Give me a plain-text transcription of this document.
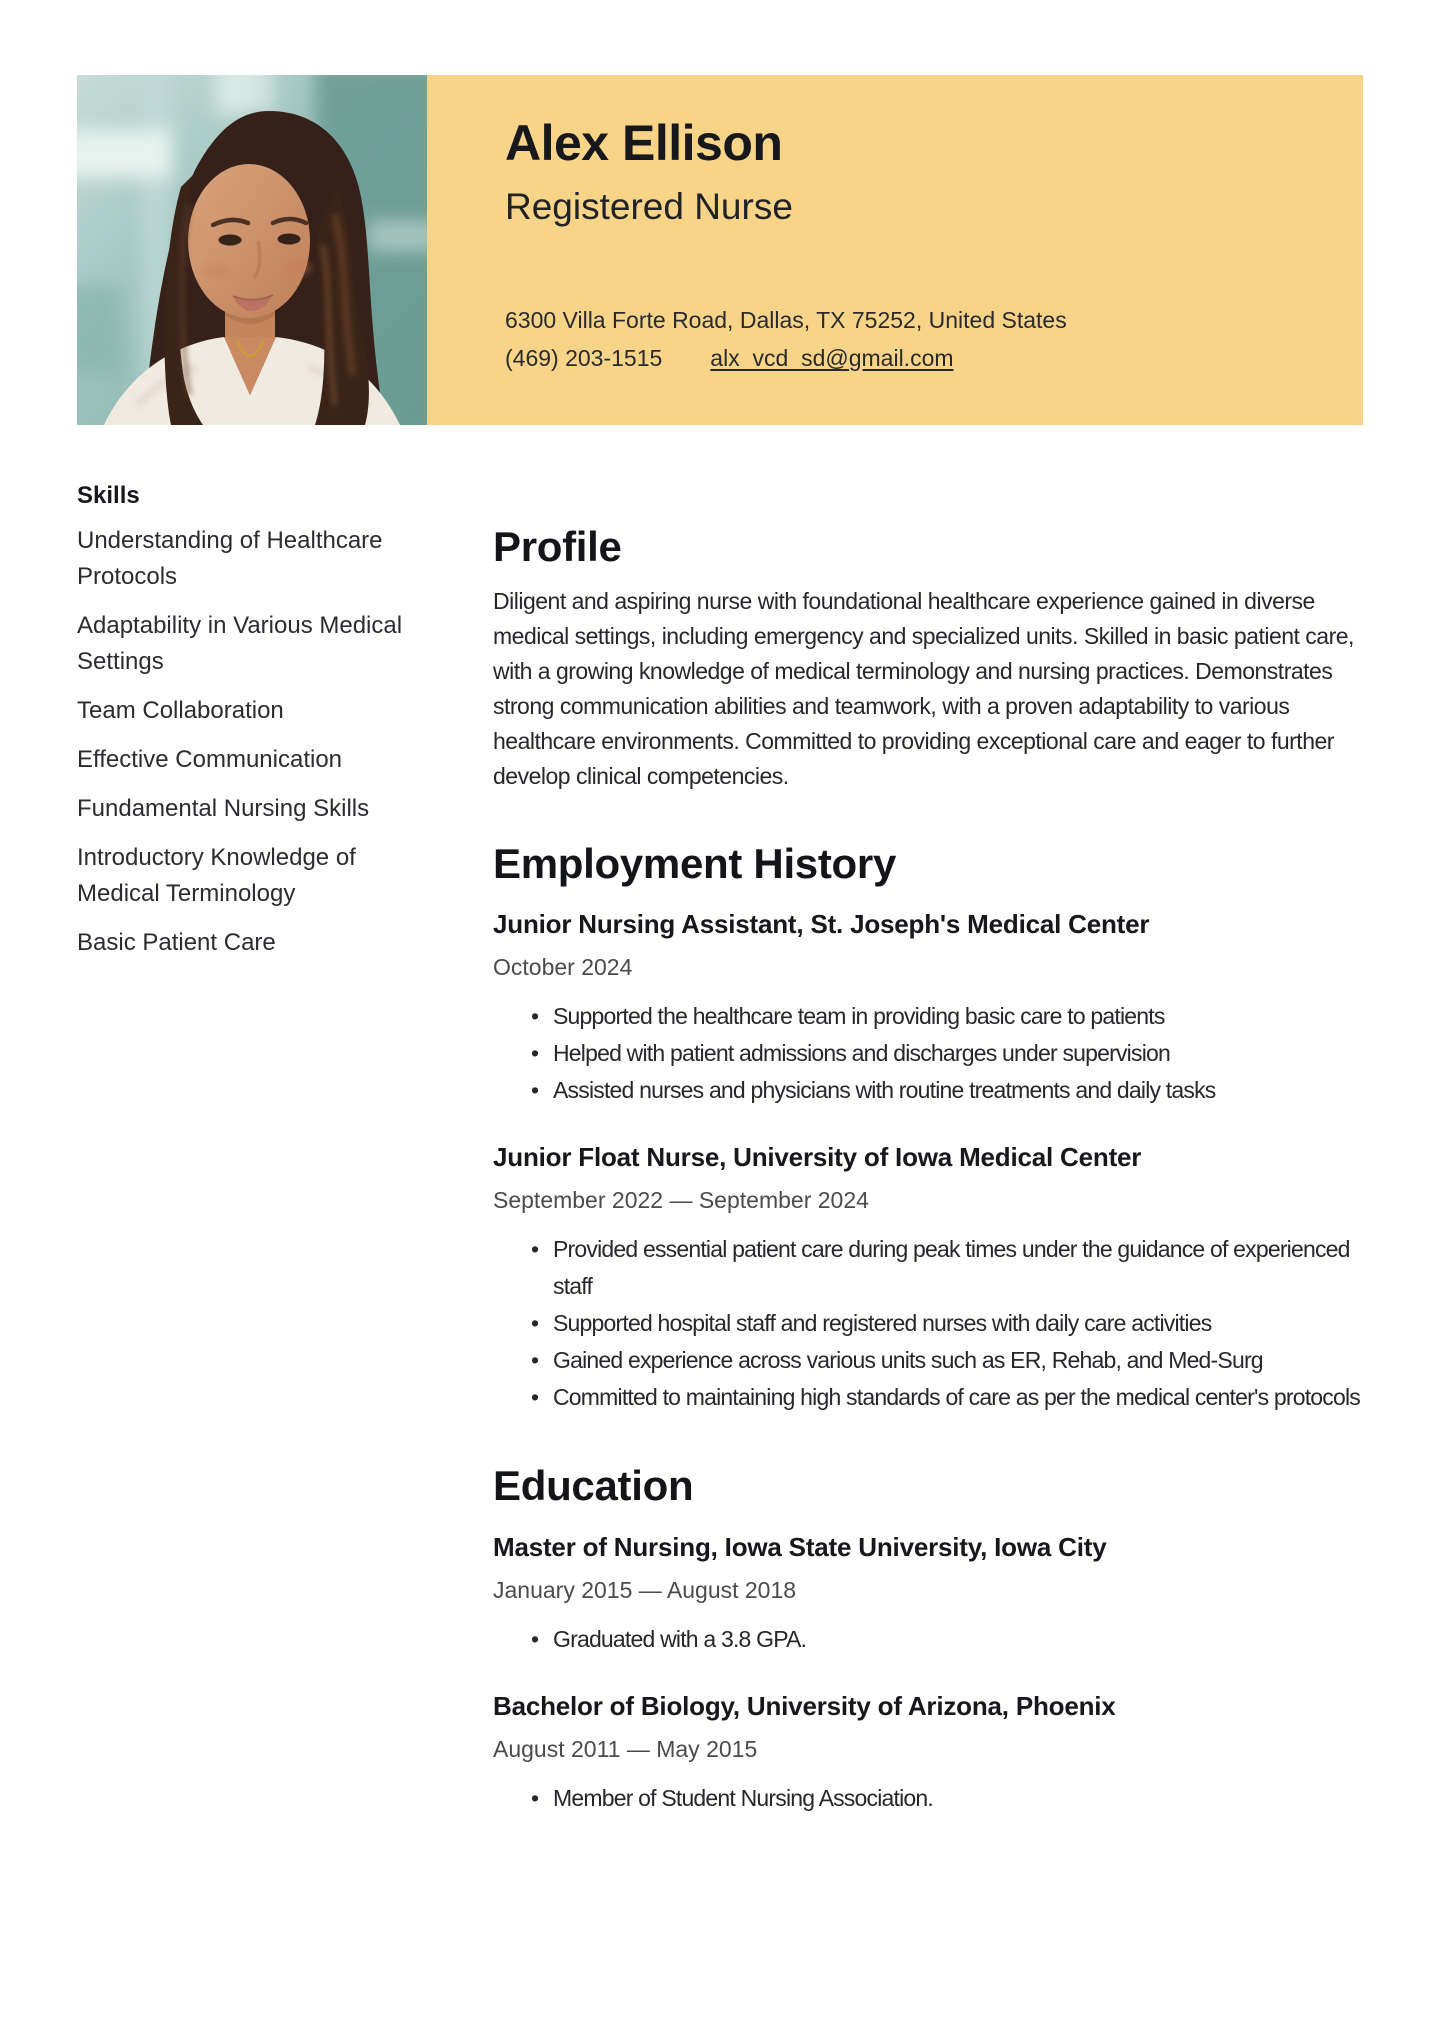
Alex Ellison
Registered Nurse
6300 Villa Forte Road, Dallas, TX 75252, United States
(469) 203-1515 alx_vcd_sd@gmail.com
Skills
Understanding of Healthcare Protocols
Adaptability in Various Medical Settings
Team Collaboration
Effective Communication
Fundamental Nursing Skills
Introductory Knowledge of Medical Terminology
Basic Patient Care
Profile

Diligent and aspiring nurse with foundational healthcare experience gained in diverse medical settings, including emergency and specialized units. Skilled in basic patient care, with a growing knowledge of medical terminology and nursing practices. Demonstrates strong communication abilities and teamwork, with a proven adaptability to various healthcare environments. Committed to providing exceptional care and eager to further develop clinical competencies.

Employment History
Junior Nursing Assistant, St. Joseph's Medical Center
October 2024
• Supported the healthcare team in providing basic care to patients
• Helped with patient admissions and discharges under supervision
• Assisted nurses and physicians with routine treatments and daily tasks
Junior Float Nurse, University of Iowa Medical Center
September 2022 — September 2024
• Provided essential patient care during peak times under the guidance of experienced staff
• Supported hospital staff and registered nurses with daily care activities
• Gained experience across various units such as ER, Rehab, and Med-Surg
• Committed to maintaining high standards of care as per the medical center's protocols
Education
Master of Nursing, Iowa State University, Iowa City
January 2015 — August 2018
• Graduated with a 3.8 GPA.
Bachelor of Biology, University of Arizona, Phoenix
August 2011 — May 2015
• Member of Student Nursing Association.
